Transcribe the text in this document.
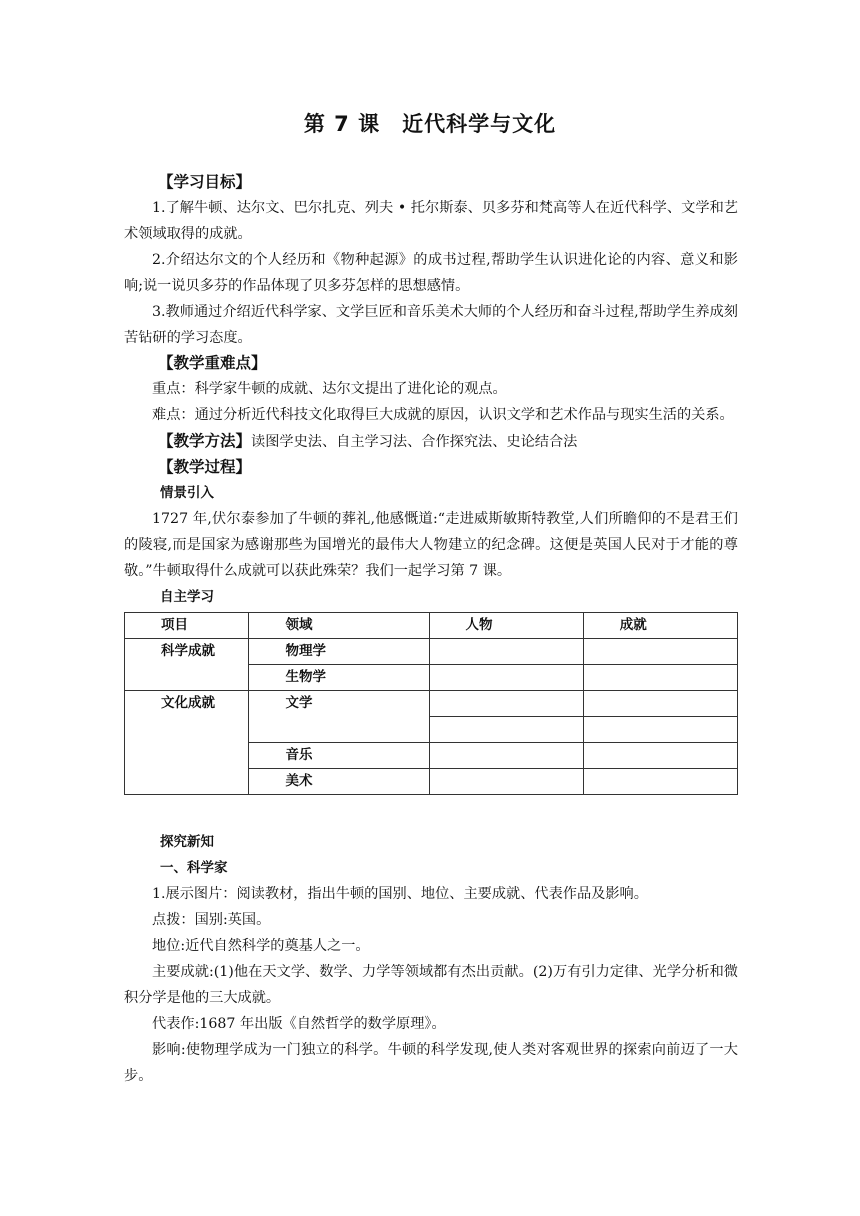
第 7 课　近代科学与文化
【学习目标】

1.了解牛顿、达尔文、巴尔扎克、列夫 • 托尔斯泰、贝多芬和梵高等人在近代科学、文学和艺术领域取得的成就。

2.介绍达尔文的个人经历和《物种起源》的成书过程,帮助学生认识进化论的内容、意义和影响;说一说贝多芬的作品体现了贝多芬怎样的思想感情。

3.教师通过介绍近代科学家、文学巨匠和音乐美术大师的个人经历和奋斗过程,帮助学生养成刻苦钻研的学习态度。

【教学重难点】

重点：科学家牛顿的成就、达尔文提出了进化论的观点。

难点：通过分析近代科技文化取得巨大成就的原因，认识文学和艺术作品与现实生活的关系。

【教学方法】读图学史法、自主学习法、合作探究法、史论结合法

【教学过程】
情景引入

1727 年,伏尔泰参加了牛顿的葬礼,他感慨道:“走进威斯敏斯特教堂,人们所瞻仰的不是君王们的陵寝,而是国家为感谢那些为国增光的最伟大人物建立的纪念碑。这便是英国人民对于才能的尊敬。”牛顿取得什么成就可以获此殊荣？我们一起学习第 7 课。

自主学习
项目	领域	人物	成就
科学成就	物理学		
	生物学		
文化成就	文学		

	音乐		
	美术		
探究新知
一、科学家

1.展示图片：阅读教材，指出牛顿的国别、地位、主要成就、代表作品及影响。

点拨：国别:英国。

地位:近代自然科学的奠基人之一。

主要成就:(1)他在天文学、数学、力学等领域都有杰出贡献。(2)万有引力定律、光学分析和微积分学是他的三大成就。

代表作:1687 年出版《自然哲学的数学原理》。

影响:使物理学成为一门独立的科学。牛顿的科学发现,使人类对客观世界的探索向前迈了一大步。
